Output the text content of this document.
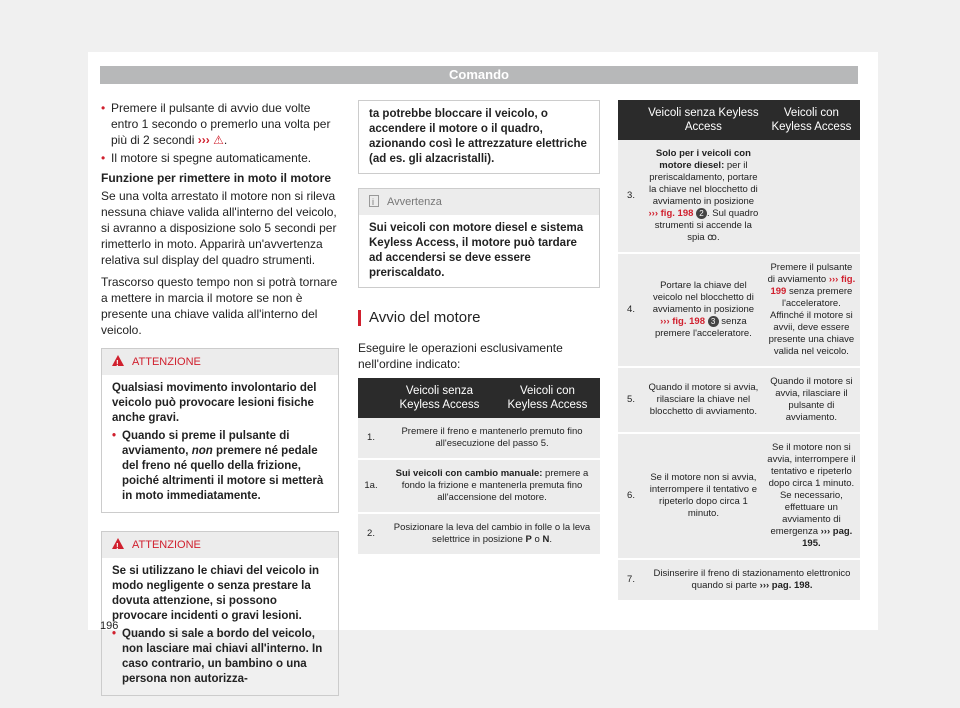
Comando
• Premere il pulsante di avvio due volte entro 1 secondo o premerlo una volta per più di 2 secondi ››› ⚠.
• Il motore si spegne automaticamente.
Funzione per rimettere in moto il motore

Se una volta arrestato il motore non si rileva nessuna chiave valida all'interno del veicolo, si avranno a disposizione solo 5 secondi per rimetterlo in moto. Apparirà un'avvertenza relativa sul display del quadro strumenti.

Trascorso questo tempo non si potrà tornare a mettere in marcia il motore se non è presente una chiave valida all'interno del veicolo.

!ATTENZIONE
Qualsiasi movimento involontario del veicolo può provocare lesioni fisiche anche gravi.
• Quando si preme il pulsante di avviamento, non premere né pedale del freno né quello della frizione, poiché altrimenti il motore si metterà in moto immediatamente.
!ATTENZIONE
Se si utilizzano le chiavi del veicolo in modo negligente o senza prestare la dovuta attenzione, si possono provocare incidenti o gravi lesioni.
• Quando si sale a bordo del veicolo, non lasciare mai chiavi all'interno. In caso contrario, un bambino o una persona non autorizza-
ta potrebbe bloccare il veicolo, o accendere il motore o il quadro, azionando così le attrezzature elettriche (ad es. gli alzacristalli).
iAvvertenza
Sui veicoli con motore diesel e sistema Keyless Access, il motore può tardare ad accendersi se deve essere preriscaldato.
Avvio del motore

Eseguire le operazioni esclusivamente nell'ordine indicato:

	Veicoli senza Keyless Access	Veicoli con Keyless Access
1.	Premere il freno e mantenerlo premuto fino all'esecuzione del passo 5.	
1a.	Sui veicoli con cambio manuale: premere a fondo la frizione e mantenerla premuta fino all'accensione del motore.	
2.	Posizionare la leva del cambio in folle o la leva selettrice in posizione P o N.	
	Veicoli senza Keyless Access	Veicoli con Keyless Access
3.	Solo per i veicoli con motore diesel: per il preriscaldamento, portare la chiave nel blocchetto di avviamento in posizione ››› fig. 198 2 . Sul quadro strumenti si accende la spia ꝏ.	
4.	Portare la chiave del veicolo nel blocchetto di avviamento in posizione ››› fig. 198 3 senza premere l'acceleratore.	Premere il pulsante di avviamento ››› fig. 199 senza premere l'acceleratore. Affinché il motore si avvii, deve essere presente una chiave valida nel veicolo.
5.	Quando il motore si avvia, rilasciare la chiave nel blocchetto di avviamento.	Quando il motore si avvia, rilasciare il pulsante di avviamento.
6.	Se il motore non si avvia, interrompere il tentativo e ripeterlo dopo circa 1 minuto.	Se il motore non si avvia, interrompere il tentativo e ripeterlo dopo circa 1 minuto. Se necessario, effettuare un avviamento di emergenza ››› pag. 195.
7.	Disinserire il freno di stazionamento elettronico quando si parte ››› pag. 198.	
196
